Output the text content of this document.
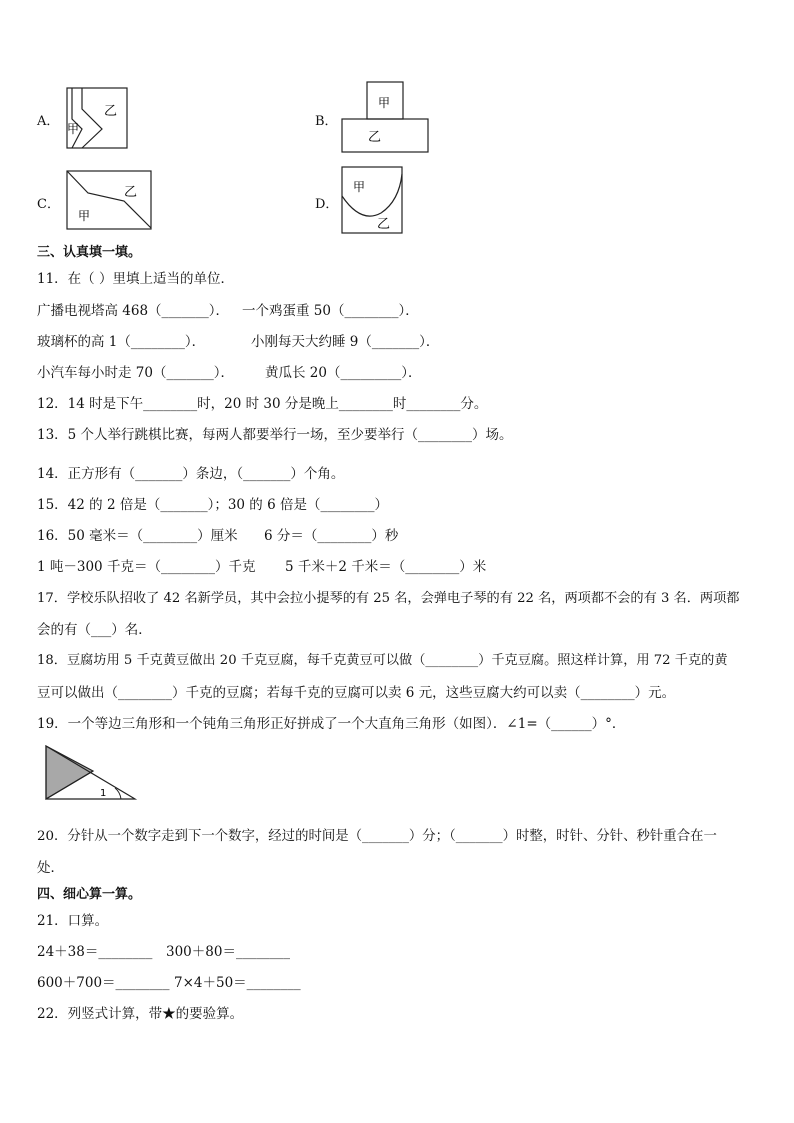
A． 甲
乙
B．
甲
乙
C．
甲
乙
D．
甲
乙
三、认真填一填。
11．在（ ）里填上适当的单位．
广播电视塔高 468（_______）． 一个鸡蛋重 50（________）．
玻璃杯的高 1（________）．	小刚每天大约睡 9（_______）．
小汽车每小时走 70（_______）． 黄瓜长 20（_________）．
12．14 时是下午________时，20 时 30 分是晚上________时________分。
13．5 个人举行跳棋比赛，每两人都要举行一场，至少要举行（________）场。
14．正方形有（_______）条边，（_______）个角。
15．42 的 2 倍是（_______）；30 的 6 倍是（________）
16．50 毫米＝（________）厘米 6 分＝（________）秒
1 吨－300 千克＝（________）千克 5 千米＋2 千米＝（________）米
17．学校乐队招收了 42 名新学员，其中会拉小提琴的有 25 名，会弹电子琴的有 22 名，两项都不会的有 3 名．两项都
会的有（___）名．
18．豆腐坊用 5 千克黄豆做出 20 千克豆腐，每千克黄豆可以做（________）千克豆腐。照这样计算，用 72 千克的黄
豆可以做出（________）千克的豆腐；若每千克的豆腐可以卖 6 元，这些豆腐大约可以卖（________）元。
19．一个等边三角形和一个钝角三角形正好拼成了一个大直角三角形（如图）．∠1=（______）°．
1
20．分针从一个数字走到下一个数字，经过的时间是（_______）分；（_______）时整，时针、分针、秒针重合在一
处．
四、细心算一算。
21．口算。
24＋38＝________ 300＋80＝________
600＋700＝________ 7×4＋50＝________
22．列竖式计算，带★的要验算。
